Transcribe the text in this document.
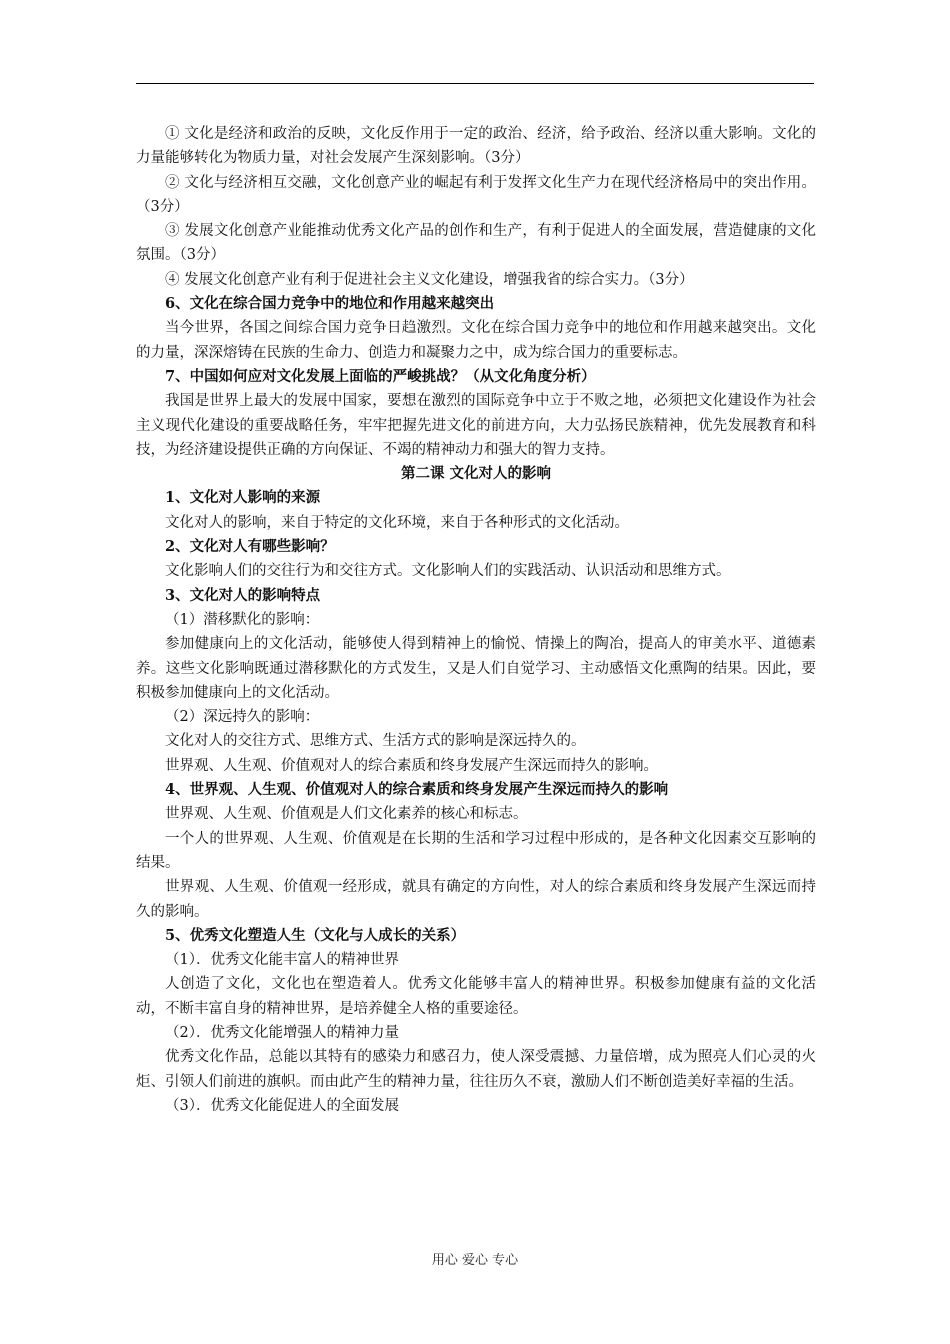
① 文化是经济和政治的反映，文化反作用于一定的政治、经济，给予政治、经济以重大影响。文化的力量能够转化为物质力量，对社会发展产生深刻影响。（3分）

② 文化与经济相互交融，文化创意产业的崛起有利于发挥文化生产力在现代经济格局中的突出作用。（3分）

③ 发展文化创意产业能推动优秀文化产品的创作和生产，有利于促进人的全面发展，营造健康的文化氛围。（3分）

④ 发展文化创意产业有利于促进社会主义文化建设，增强我省的综合实力。（3分）

6、文化在综合国力竞争中的地位和作用越来越突出

当今世界，各国之间综合国力竞争日趋激烈。文化在综合国力竞争中的地位和作用越来越突出。文化的力量，深深熔铸在民族的生命力、创造力和凝聚力之中，成为综合国力的重要标志。

7、中国如何应对文化发展上面临的严峻挑战？（从文化角度分析）

我国是世界上最大的发展中国家，要想在激烈的国际竞争中立于不败之地，必须把文化建设作为社会主义现代化建设的重要战略任务，牢牢把握先进文化的前进方向，大力弘扬民族精神，优先发展教育和科技，为经济建设提供正确的方向保证、不竭的精神动力和强大的智力支持。

第二课 文化对人的影响

1、文化对人影响的来源

文化对人的影响，来自于特定的文化环境，来自于各种形式的文化活动。

2、文化对人有哪些影响？

文化影响人们的交往行为和交往方式。文化影响人们的实践活动、认识活动和思维方式。

3、文化对人的影响特点

（1）潜移默化的影响：

参加健康向上的文化活动，能够使人得到精神上的愉悦、情操上的陶冶，提高人的审美水平、道德素养。这些文化影响既通过潜移默化的方式发生，又是人们自觉学习、主动感悟文化熏陶的结果。因此，要积极参加健康向上的文化活动。

（2）深远持久的影响：

文化对人的交往方式、思维方式、生活方式的影响是深远持久的。

世界观、人生观、价值观对人的综合素质和终身发展产生深远而持久的影响。

4、世界观、人生观、价值观对人的综合素质和终身发展产生深远而持久的影响

世界观、人生观、价值观是人们文化素养的核心和标志。

一个人的世界观、人生观、价值观是在长期的生活和学习过程中形成的，是各种文化因素交互影响的结果。

世界观、人生观、价值观一经形成，就具有确定的方向性，对人的综合素质和终身发展产生深远而持久的影响。

5、优秀文化塑造人生（文化与人成长的关系）

（1）．优秀文化能丰富人的精神世界

人创造了文化，文化也在塑造着人。优秀文化能够丰富人的精神世界。积极参加健康有益的文化活动，不断丰富自身的精神世界，是培养健全人格的重要途径。

（2）．优秀文化能增强人的精神力量

优秀文化作品，总能以其特有的感染力和感召力，使人深受震撼、力量倍增，成为照亮人们心灵的火炬、引领人们前进的旗帜。而由此产生的精神力量，往往历久不衰，激励人们不断创造美好幸福的生活。

（3）．优秀文化能促进人的全面发展

用心 爱心 专心
